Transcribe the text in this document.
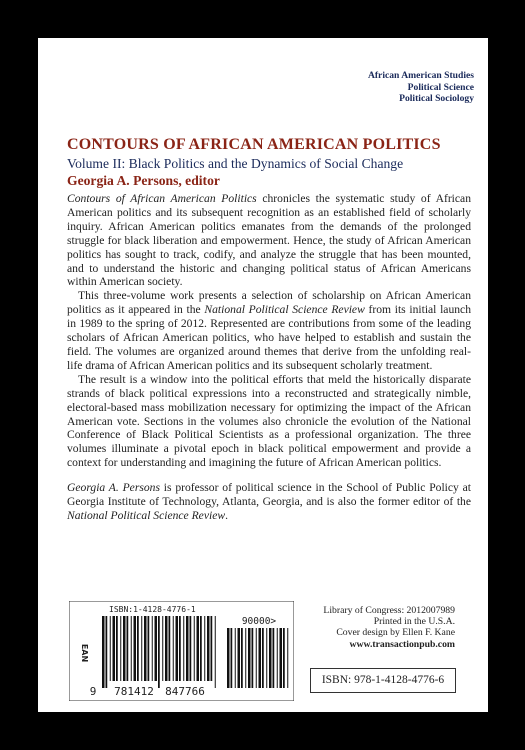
African American Studies
Political Science
Political Sociology
CONTOURS OF AFRICAN AMERICAN POLITICS
Volume II: Black Politics and the Dynamics of Social Change
Georgia A. Persons, editor

Contours of African American Politics chronicles the systematic study of African American politics and its subsequent recognition as an established field of scholarly inquiry. African American politics emanates from the demands of the prolonged struggle for black liberation and empowerment. Hence, the study of African American politics has sought to track, codify, and analyze the struggle that has been mounted, and to understand the historic and changing political status of African Americans within American society.

This three-volume work presents a selection of scholarship on African American politics as it appeared in the National Political Science Review from its initial launch in 1989 to the spring of 2012. Represented are contributions from some of the leading scholars of African American politics, who have helped to establish and sustain the field. The volumes are organized around themes that derive from the unfolding real-life drama of African American politics and its subsequent scholarly treatment.

The result is a window into the political efforts that meld the historically disparate strands of black political expressions into a reconstructed and strategically nimble, electoral-based mass mobilization necessary for optimizing the impact of the African American vote. Sections in the volumes also chronicle the evolution of the National Conference of Black Political Scientists as a professional organization. The three volumes illuminate a pivotal epoch in black political empowerment and provide a context for understanding and imagining the future of African American politics.

Georgia A. Persons is professor of political science in the School of Public Policy at Georgia Institute of Technology, Atlanta, Georgia, and is also the former editor of the National Political Science Review.

ISBN:1-4128-4776-1
EAN
90000>
9 781412 847766
Library of Congress: 2012007989
Printed in the U.S.A.
Cover design by Ellen F. Kane
www.transactionpub.com
ISBN: 978-1-4128-4776-6
